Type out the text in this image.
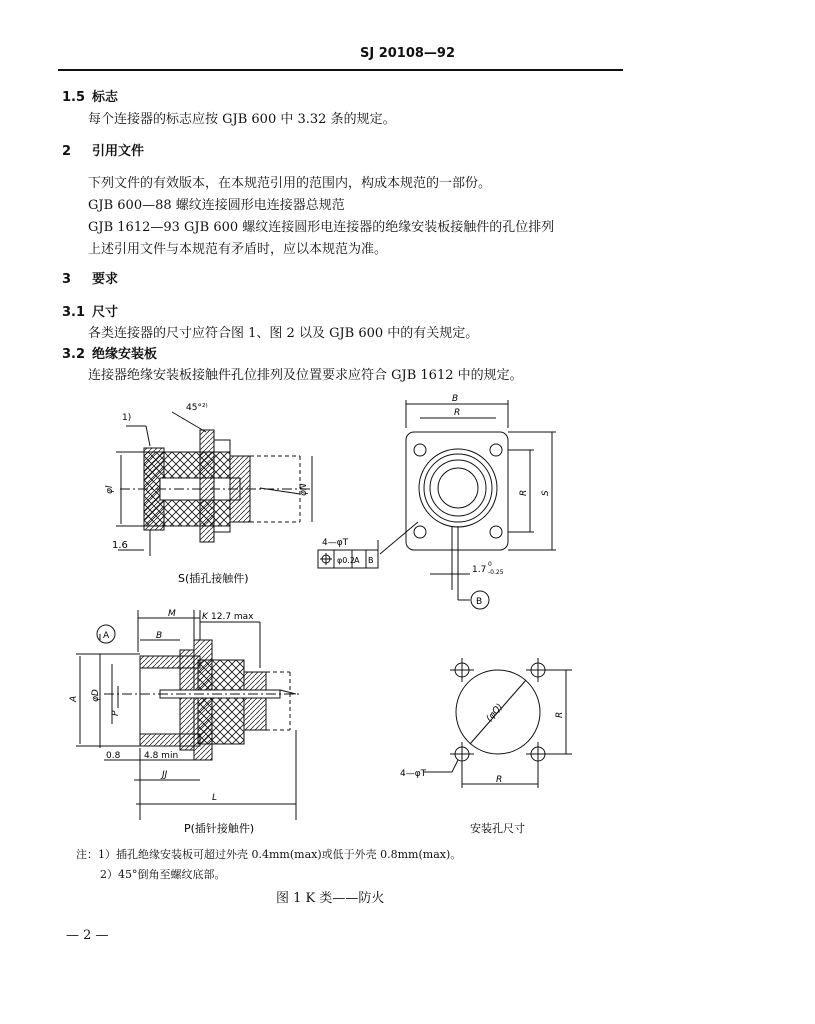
SJ 20108—92
1.5 标志
每个连接器的标志应按 GJB 600 中 3.32 条的规定。
2 引用文件
下列文件的有效版本，在本规范引用的范围内，构成本规范的一部份。
GJB 600—88 螺纹连接圆形电连接器总规范
GJB 1612—93 GJB 600 螺纹连接圆形电连接器的绝缘安装板接触件的孔位排列
上述引用文件与本规范有矛盾时，应以本规范为准。
3 要求
3.1 尺寸
各类连接器的尺寸应符合图 1、图 2 以及 GJB 600 中的有关规定。
3.2 绝缘安装板
连接器绝缘安装板接触件孔位排列及位置要求应符合 GJB 1612 中的规定。
1)
45°²⁾
φl	φN
1.6
S(插孔接触件)
B
R
R S
4—φT
φ0.2 A B
1.7
0
-0.25
B
A
M	K 12.7 max
B
A φD
P
0.8	4.8 min
JJ
L
P(插针接触件)
(φQ)	R
R
4—φT
安装孔尺寸
注：1）插孔绝缘安装板可超过外壳 0.4mm(max)或低于外壳 0.8mm(max)。
2）45°倒角至螺纹底部。
图 1 K 类——防火
— 2 —
